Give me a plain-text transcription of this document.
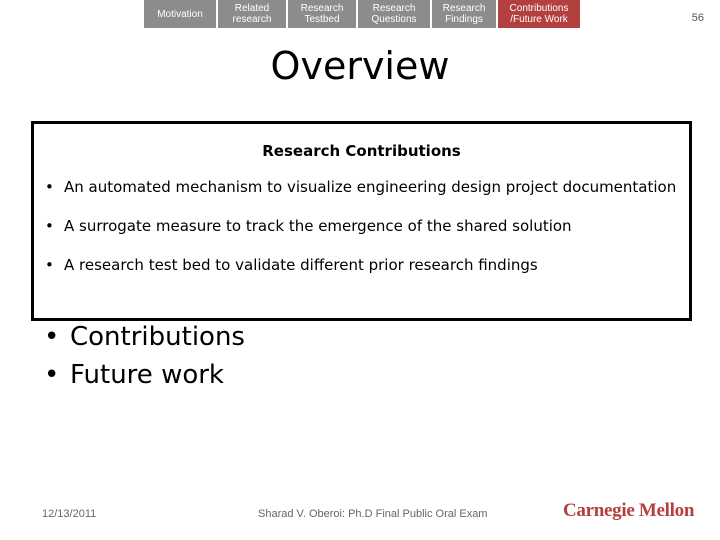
Motivation	Related
research
Research
Testbed
Research
Questions
Research
Findings
Contributions
/Future Work	56
Overview
Research Contributions
• An automated mechanism to visualize engineering design project documentation
• A surrogate measure to track the emergence of the shared solution
• A research test bed to validate different prior research findings
• Contributions
• Future work
12/13/2011	Sharad V. Oberoi: Ph.D Final Public Oral Exam	Carnegie Mellon
